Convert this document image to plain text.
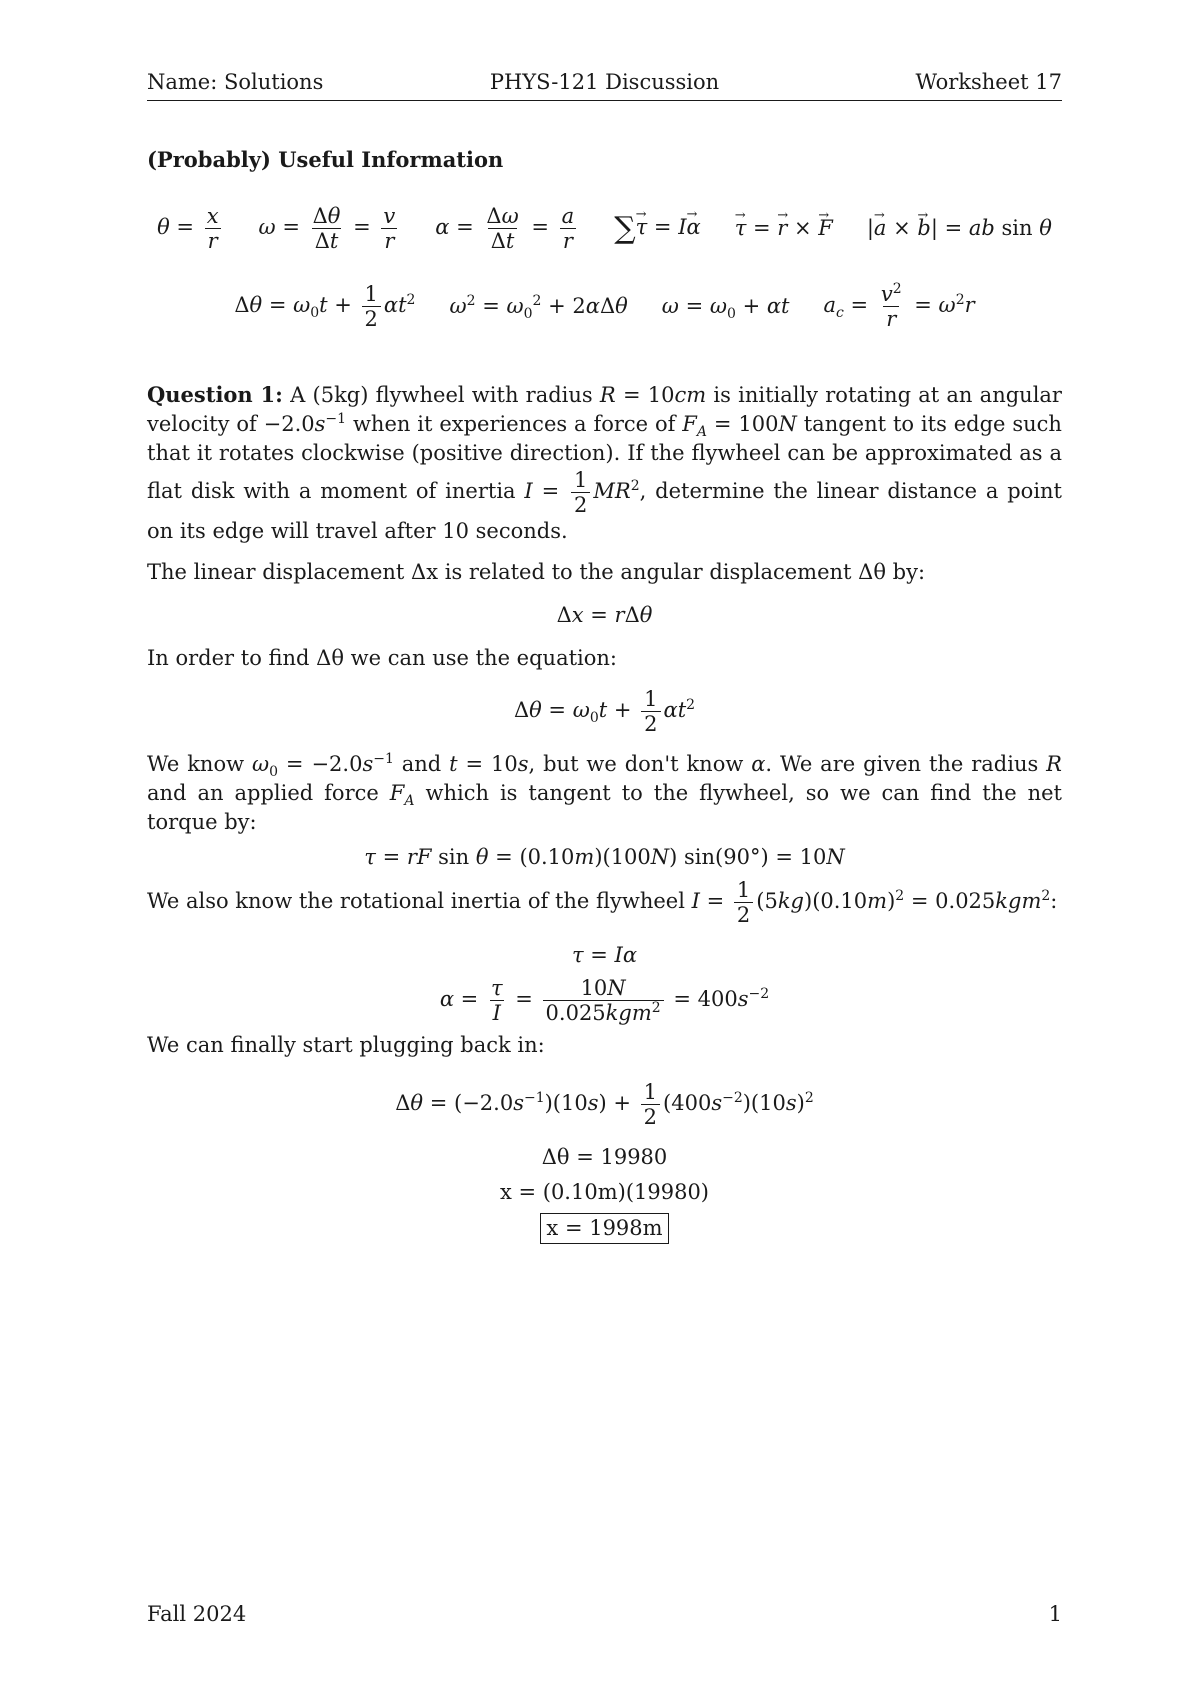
Name: Solutions	PHYS-121 Discussion	Worksheet 17
(Probably) Useful Information
$\theta = \frac{x}{r}$ $\omega = \frac{\Delta\theta}{\Delta t} = \frac{v}{r}$ $\alpha = \frac{\Delta\omega}{\Delta t} = \frac{a}{r}$ ∑→ τ = I→ α
→ τ = → r × → F |→ a × → b| = ab sin θ
$\Delta\theta = \omega_0t + \frac{1}{2} \alpha t^2$ $\omega^2 = \omega_0^2 + 2\alpha\Delta\theta$ $\omega = \omega_0 + \alpha t$ $a_c = \frac{v^2}{r} = \omega^2r$

Question 1: A (5kg) flywheel with radius R = 10cm is initially rotating at an angular velocity of $-2.0s^{-1}$ when it experiences a force of $F_A = 100N$ tangent to its edge such that it rotates clockwise (positive direction). If the flywheel can be approximated as a flat disk with a moment of inertia $I = \frac{1}{2} MR^2$, determine the linear distance a point on its edge will travel after 10 seconds.

The linear displacement Δx is related to the angular displacement Δθ by:

Δx = rΔθ

In order to find Δθ we can use the equation:

$\Delta\theta = \omega_0t + \frac{1}{2} \alpha t^2$

We know $\omega_0 = -2.0s^{-1}$ and t = 10s, but we don't know α. We are given the radius R and an applied force $F_A$ which is tangent to the flywheel, so we can find the net torque by:

τ = rF sin θ = (0.10m)(100N) sin(90°) = 10N

We also know the rotational inertia of the flywheel $I = \frac{1}{2} (5kg)(0.10m)^2 = 0.025kgm^2$:

τ = Iα
$\alpha = \frac{\tau}{I} = \frac{10N}{0.025kgm^2} = 400s^{-2}$

We can finally start plugging back in:

$\Delta\theta = (-2.0s^{-1})(10s) + \frac{1}{2} (400s^{-2})(10s)^2$
Δθ = 19980
x = (0.10m)(19980)
x = 1998m
Fall 2024	1
